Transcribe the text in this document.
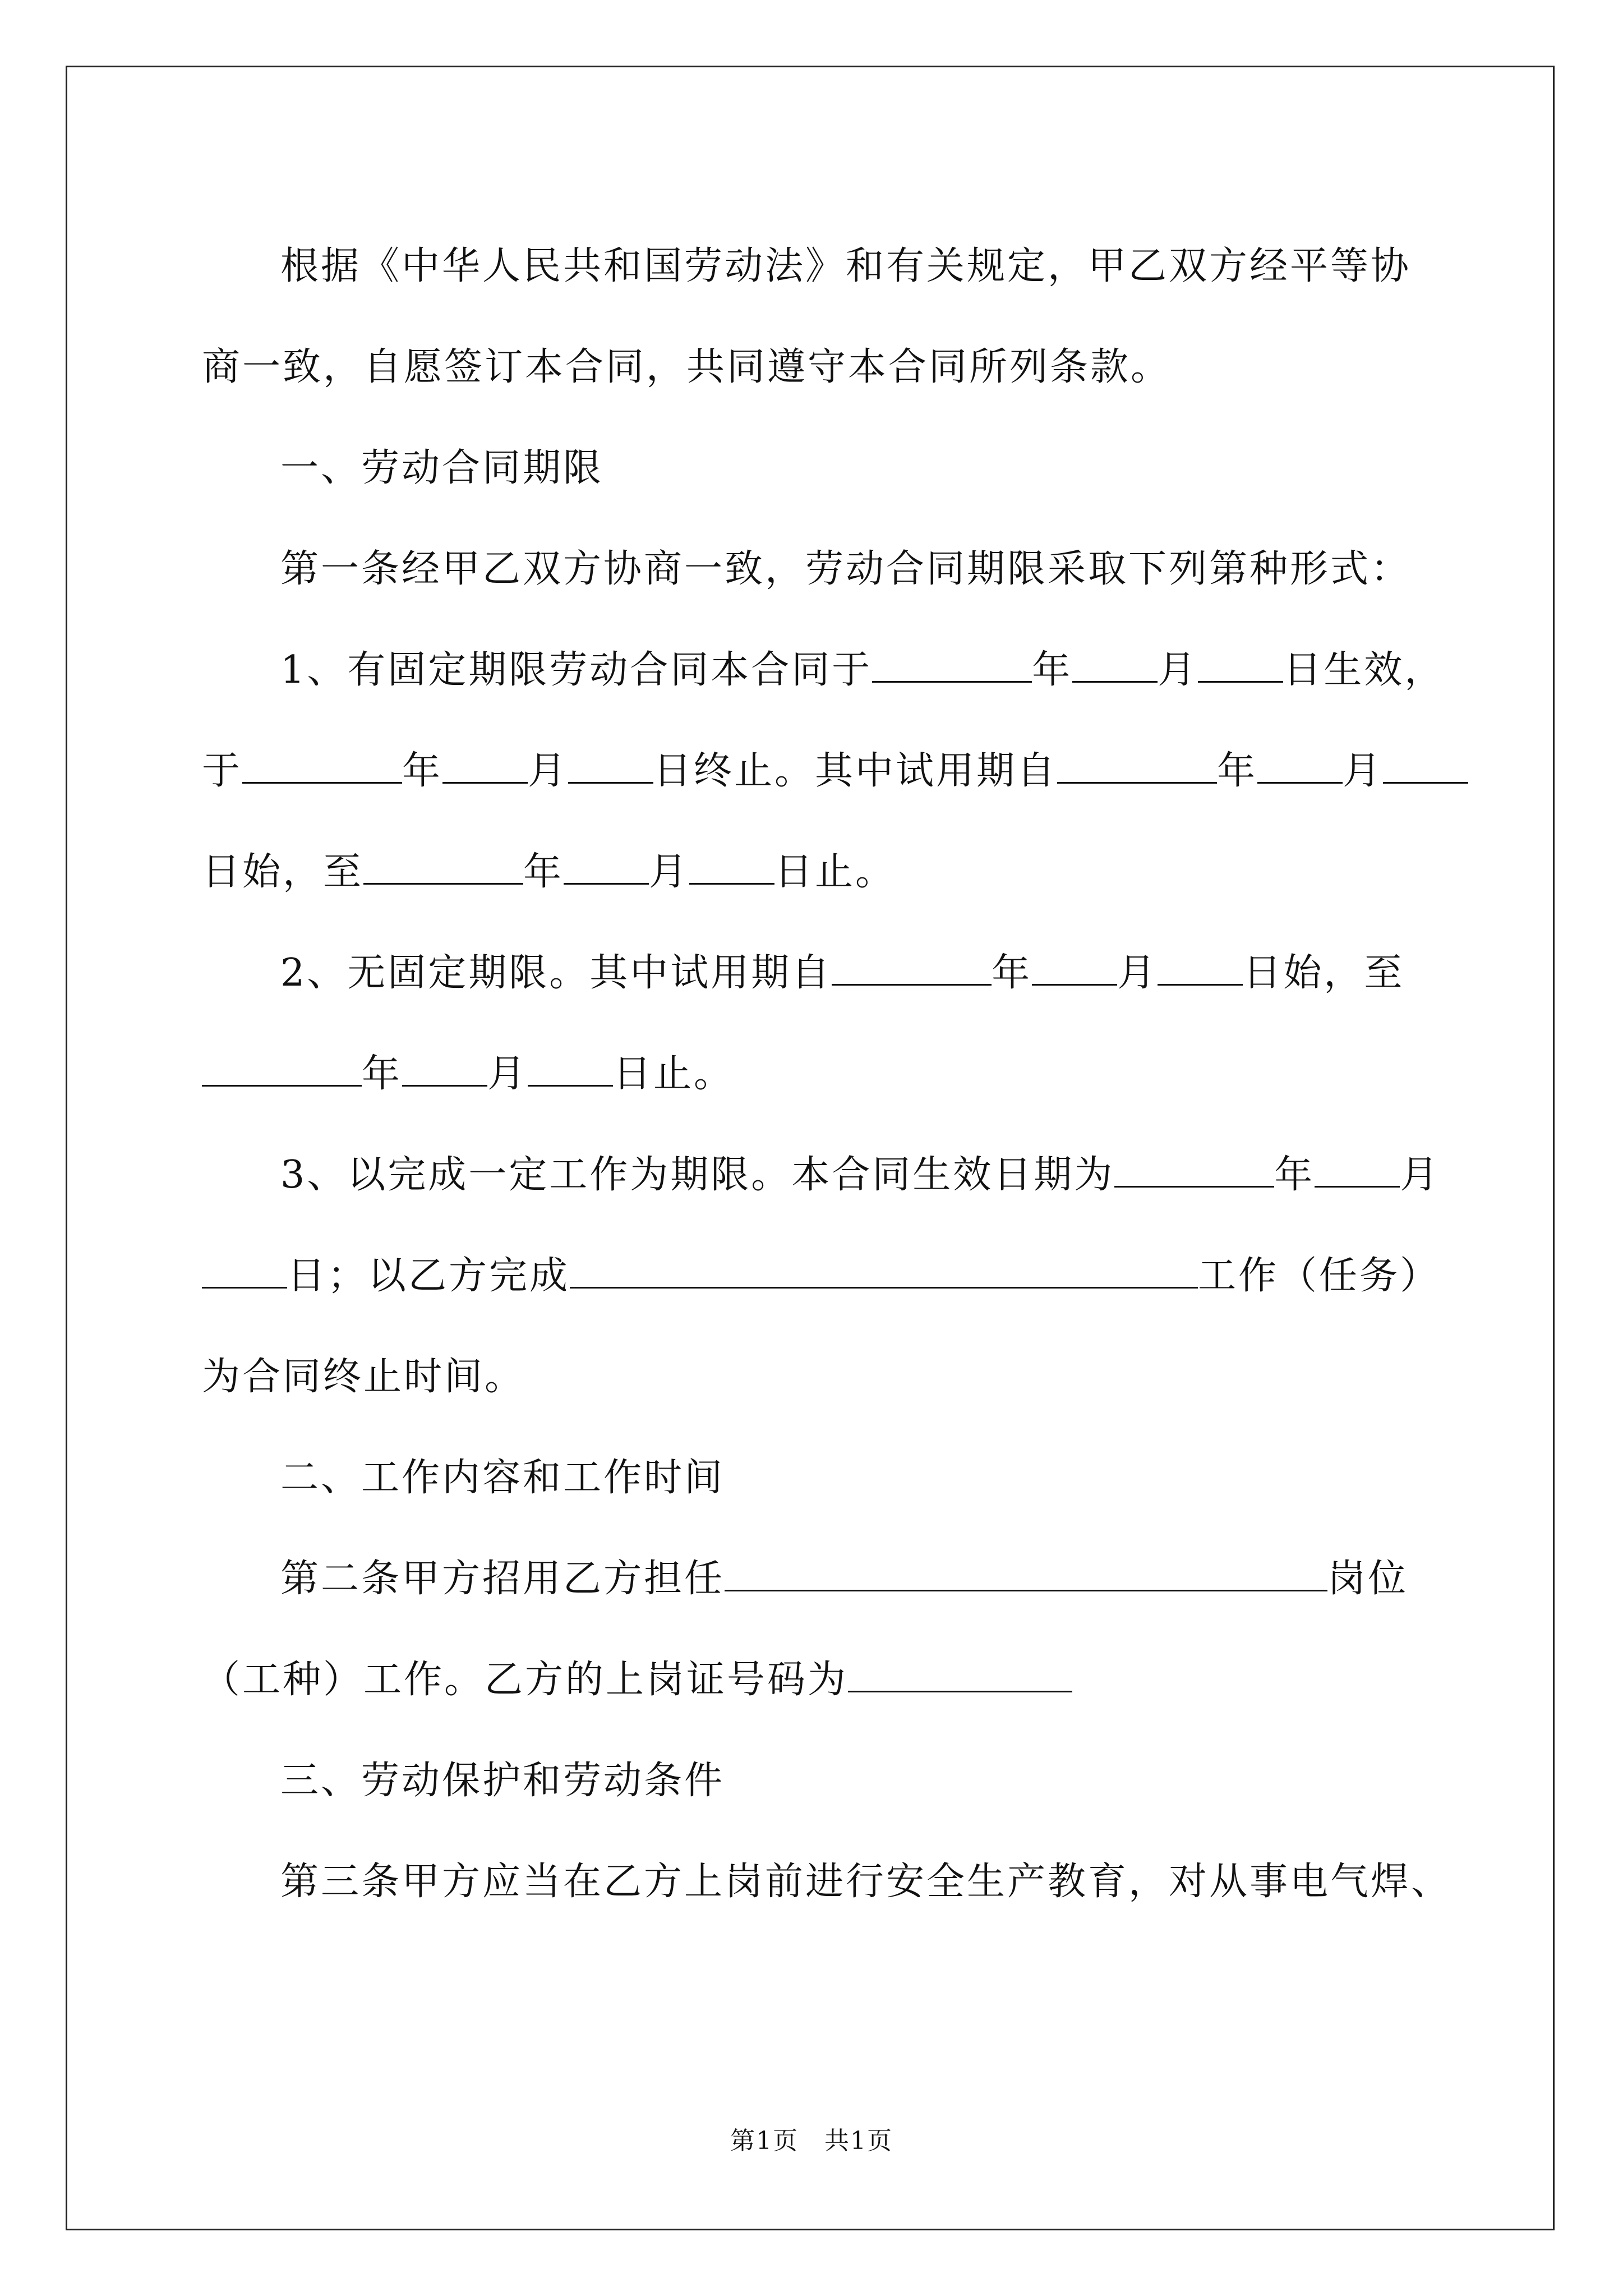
根据《中华人民共和国劳动法》和有关规定，甲乙双方经平等协

商一致，自愿签订本合同，共同遵守本合同所列条款。

一、劳动合同期限

第一条经甲乙双方协商一致，劳动合同期限采取下列第种形式：

1、有固定期限劳动合同本合同于	年 月 日生效，

于	年 月 日终止。其中试用期自	年 月

日始，至	年 月 日止。

2、无固定期限。其中试用期自	年 月 日始，至

年 月 日止。

3、以完成一定工作为期限。本合同生效日期为	年 月

日；以乙方完成	工作（任务）

为合同终止时间。

二、工作内容和工作时间

第二条甲方招用乙方担任	岗位

（工种）工作。乙方的上岗证号码为

三、劳动保护和劳动条件

第三条甲方应当在乙方上岗前进行安全生产教育，对从事电气焊、

第1页 共1页
